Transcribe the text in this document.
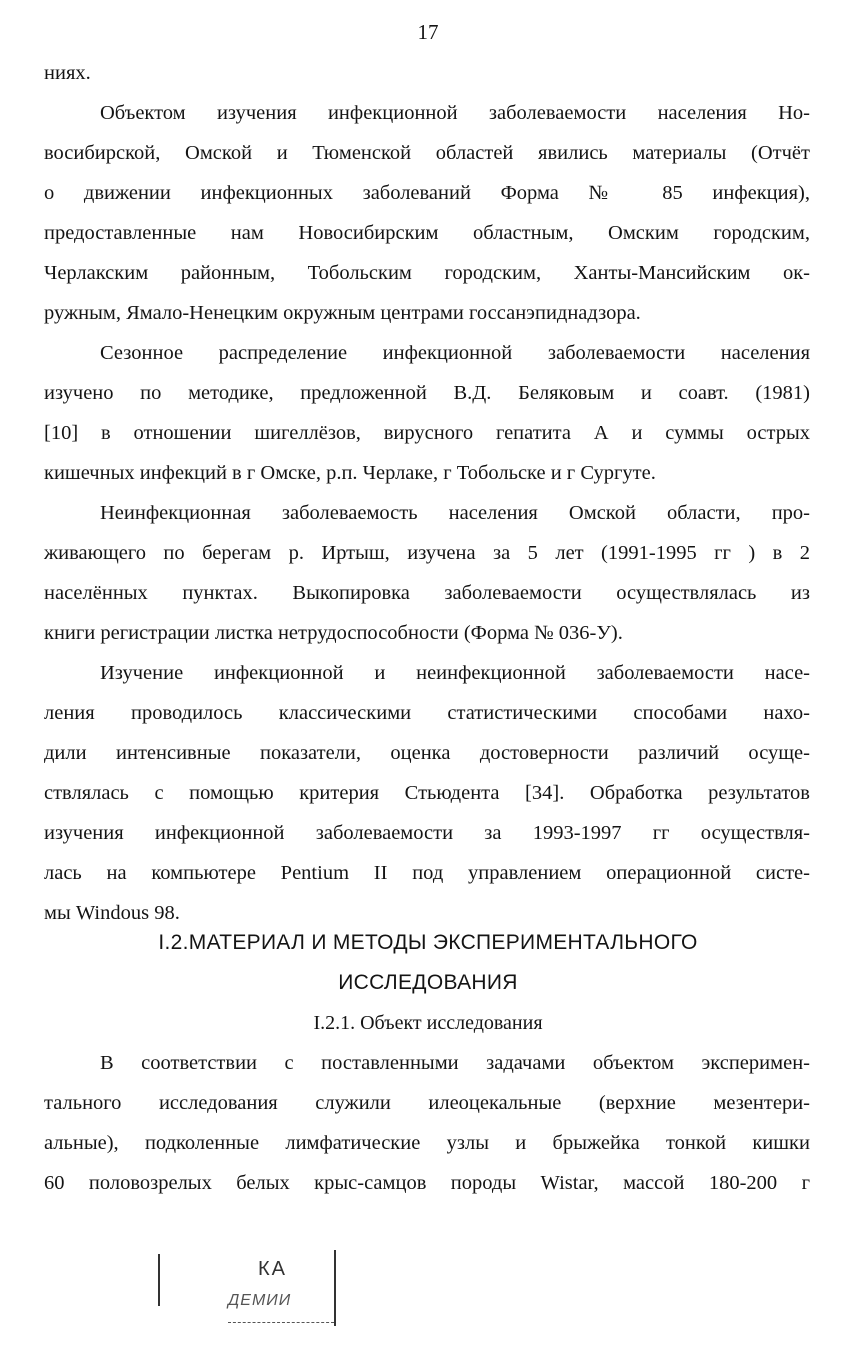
17
ниях.
Объектом изучения инфекционной заболеваемости населения Но-
восибирской, Омской и Тюменской областей явились материалы (Отчёт
о движении инфекционных заболеваний Форма № 85 инфекция),
предоставленные нам Новосибирским областным, Омским городским,
Черлакским районным, Тобольским городским, Ханты-Мансийским ок-
ружным, Ямало-Ненецким окружным центрами госсанэпиднадзора.
Сезонное распределение инфекционной заболеваемости населения
изучено по методике, предложенной В.Д. Беляковым и соавт. (1981)
[10] в отношении шигеллёзов, вирусного гепатита А и суммы острых
кишечных инфекций в г Омске, р.п. Черлаке, г Тобольске и г Сургуте.
Неинфекционная заболеваемость населения Омской области, про-
живающего по берегам р. Иртыш, изучена за 5 лет (1991-1995 гг ) в 2
населённых пунктах. Выкопировка заболеваемости осуществлялась из
книги регистрации листка нетрудоспособности (Форма № 036-У).
Изучение инфекционной и неинфекционной заболеваемости насе-
ления проводилось классическими статистическими способами нахо-
дили интенсивные показатели, оценка достоверности различий осуще-
ствлялась с помощью критерия Стьюдента [34]. Обработка результатов
изучения инфекционной заболеваемости за 1993-1997 гг осуществля-
лась на компьютере Pentium II под управлением операционной систе-
мы Windous 98.
I.2.МАТЕРИАЛ И МЕТОДЫ ЭКСПЕРИМЕНТАЛЬНОГО
ИССЛЕДОВАНИЯ
I.2.1. Объект исследования
В соответствии с поставленными задачами объектом эксперимен-
тального исследования служили илеоцекальные (верхние мезентери-
альные), подколенные лимфатические узлы и брыжейка тонкой кишки
60 половозрелых белых крыс-самцов породы Wistar, массой 180-200 г
КА
ДЕМИИ
